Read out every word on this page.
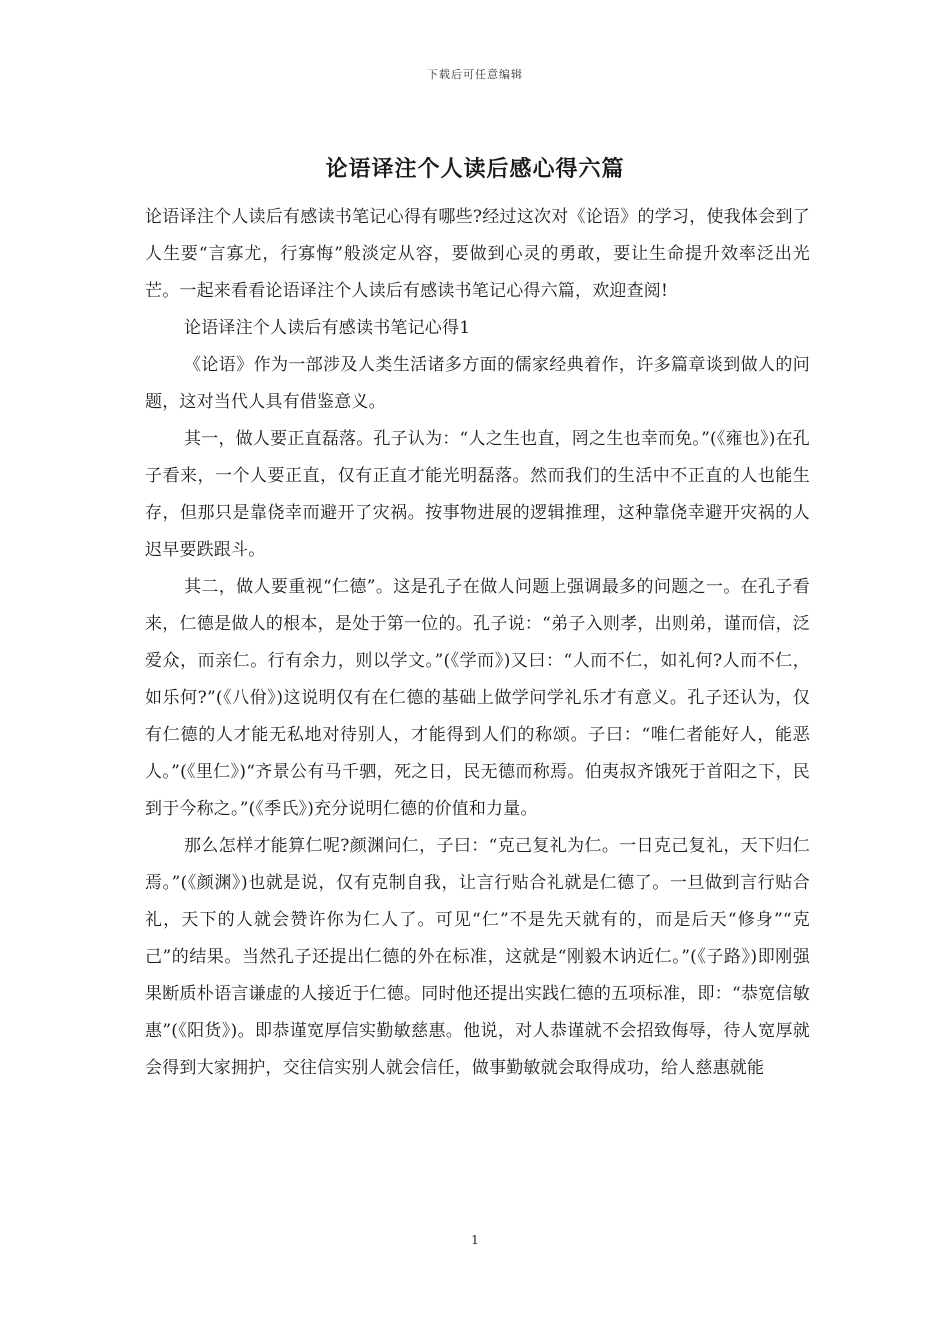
下载后可任意编辑
论语译注个人读后感心得六篇

论语译注个人读后有感读书笔记心得有哪些?经过这次对《论语》的学习，使我体会到了人生要“言寡尤，行寡悔”般淡定从容，要做到心灵的勇敢，要让生命提升效率泛出光芒。一起来看看论语译注个人读后有感读书笔记心得六篇，欢迎查阅!

论语译注个人读后有感读书笔记心得1

《论语》作为一部涉及人类生活诸多方面的儒家经典着作，许多篇章谈到做人的问题，这对当代人具有借鉴意义。

其一，做人要正直磊落。孔子认为：“人之生也直，罔之生也幸而免。”(《雍也》)在孔子看来，一个人要正直，仅有正直才能光明磊落。然而我们的生活中不正直的人也能生存，但那只是靠侥幸而避开了灾祸。按事物进展的逻辑推理，这种靠侥幸避开灾祸的人迟早要跌跟斗。

其二，做人要重视“仁德”。这是孔子在做人问题上强调最多的问题之一。在孔子看来，仁德是做人的根本，是处于第一位的。孔子说：“弟子入则孝，出则弟，谨而信，泛爱众，而亲仁。行有余力，则以学文。”(《学而》)又曰：“人而不仁，如礼何?人而不仁，如乐何?”(《八佾》)这说明仅有在仁德的基础上做学问学礼乐才有意义。孔子还认为，仅有仁德的人才能无私地对待别人，才能得到人们的称颂。子曰：“唯仁者能好人，能恶人。”(《里仁》)“齐景公有马千驷，死之日，民无德而称焉。伯夷叔齐饿死于首阳之下，民到于今称之。”(《季氏》)充分说明仁德的价值和力量。

那么怎样才能算仁呢?颜渊问仁，子曰：“克己复礼为仁。一日克己复礼，天下归仁焉。”(《颜渊》)也就是说，仅有克制自我，让言行贴合礼就是仁德了。一旦做到言行贴合礼，天下的人就会赞许你为仁人了。可见“仁”不是先天就有的，而是后天“修身”“克己”的结果。当然孔子还提出仁德的外在标准，这就是“刚毅木讷近仁。”(《子路》)即刚强果断质朴语言谦虚的人接近于仁德。同时他还提出实践仁德的五项标准，即：“恭宽信敏惠”(《阳货》)。即恭谨宽厚信实勤敏慈惠。他说，对人恭谨就不会招致侮辱，待人宽厚就会得到大家拥护，交往信实别人就会信任，做事勤敏就会取得成功，给人慈惠就能

1
